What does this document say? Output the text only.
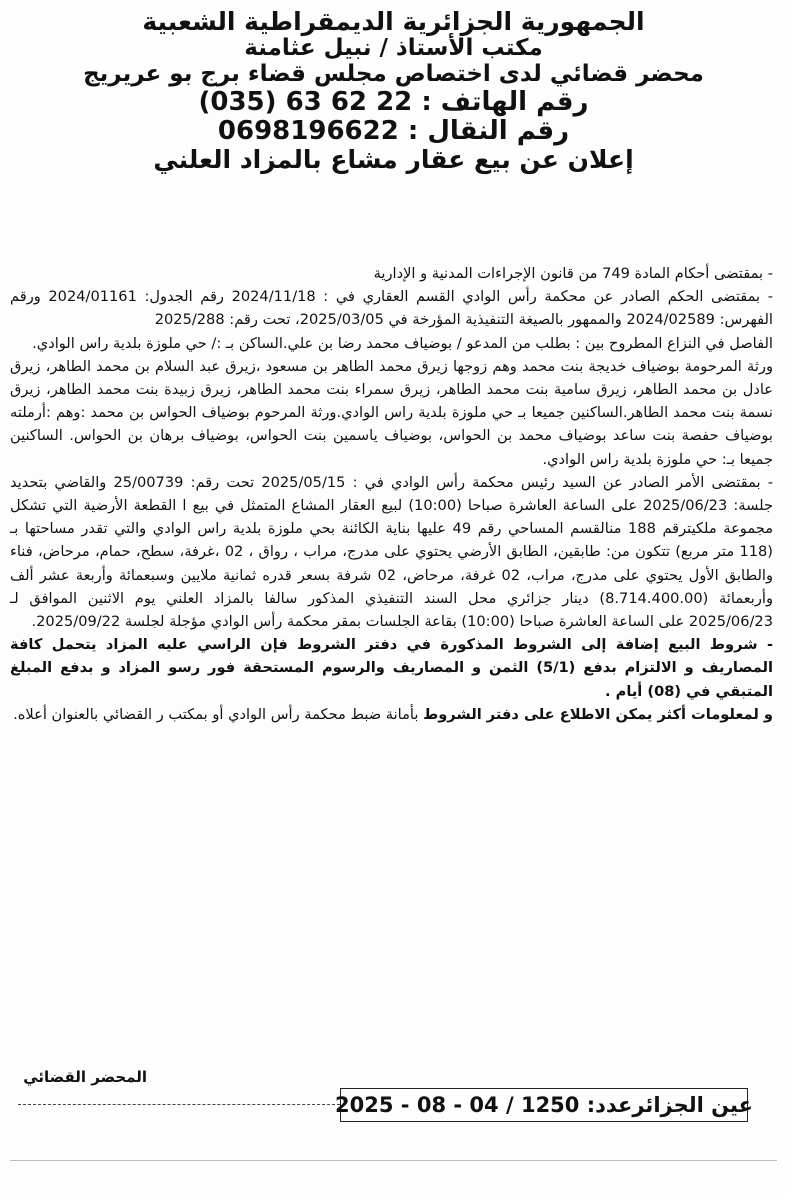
الجمهورية الجزائرية الديمقراطية الشعبية
مكتب الأستاذ / نبيل عثامنة
محضر قضائي لدى اختصاص مجلس قضاء برج بو عريريج
رقم الهاتف : 22 62 63 (035)
رقم النقال : 0698196622
إعلان عن بيع عقار مشاع بالمزاد العلني

- بمقتضى أحكام المادة 749 من قانون الإجراءات المدنية و الإدارية

- بمقتضى الحكم الصادر عن محكمة رأس الوادي القسم العقاري في : 2024/11/18 رقم الجدول: 2024/01161 ورقم الفهرس: 2024/02589 والممهور بالصيغة التنفيذية المؤرخة في 2025/03/05، تحت رقم: 2025/288

الفاصل في النزاع المطروح بين : بطلب من المدعو / بوضياف محمد رضا بن علي.الساكن بـ :/ حي ملوزة بلدية راس الوادي.

ورثة المرحومة بوضياف خديجة بنت محمد وهم زوجها زيرق محمد الطاهر بن مسعود ،زيرق عبد السلام بن محمد الطاهر، زيرق عادل بن محمد الطاهر، زيرق سامية بنت محمد الطاهر، زيرق سمراء بنت محمد الطاهر، زيرق زبيدة بنت محمد الطاهر، زيرق نسمة بنت محمد الطاهر.الساكنين جميعا بـ حي ملوزة بلدية راس الوادي.ورثة المرحوم بوضياف الحواس بن محمد :وهم :أرملته بوضياف حفصة بنت ساعد بوضياف محمد بن الحواس، بوضياف ياسمين بنت الحواس، بوضياف برهان بن الحواس. الساكنين جميعا بـ: حي ملوزة بلدية راس الوادي.

- بمقتضى الأمر الصادر عن السيد رئيس محكمة رأس الوادي في : 2025/05/15 تحت رقم: 25/00739 والقاضي بتحديد جلسة: 2025/06/23 على الساعة العاشرة صباحا (10:00) لبيع العقار المشاع المتمثل في بيع ا القطعة الأرضية التي تشكل مجموعة ملكيترقم 188 منالقسم المساحي رقم 49 عليها بناية الكائنة بحي ملوزة بلدية راس الوادي والتي تقدر مساحتها بـ (118 متر مربع) تتكون من: طابقين، الطابق الأرضي يحتوي على مدرج، مراب ، رواق ، 02 ،غرفة، سطح، حمام، مرحاض، فناء والطابق الأول يحتوي على مدرج، مراب، 02 غرفة، مرحاض، 02 شرفة بسعر قدره ثمانية ملايين وسبعمائة وأربعة عشر ألف وأربعمائة (8.714.400.00) دينار جزائري محل السند التنفيذي المذكور سالفا بالمزاد العلني يوم الاثنين الموافق لـ 2025/06/23 على الساعة العاشرة صباحا (10:00) بقاعة الجلسات بمقر محكمة رأس الوادي مؤجلة لجلسة 2025/09/22.

- شروط البيع إضافة إلى الشروط المذكورة في دفتر الشروط فإن الراسي عليه المزاد يتحمل كافة المصاريف و الالتزام بدفع (5/1) الثمن و المصاريف والرسوم المستحقة فور رسو المزاد و بدفع المبلغ المتبقي في (08) أيام .

و لمعلومات أكثر يمكن الاطلاع على دفتر الشروط بأمانة ضبط محكمة رأس الوادي أو بمكتب ر القضائي بالعنوان أعلاه.

المحضر القضائي
عين الجزائرعدد: 1250 / 04 - 08 - 2025
